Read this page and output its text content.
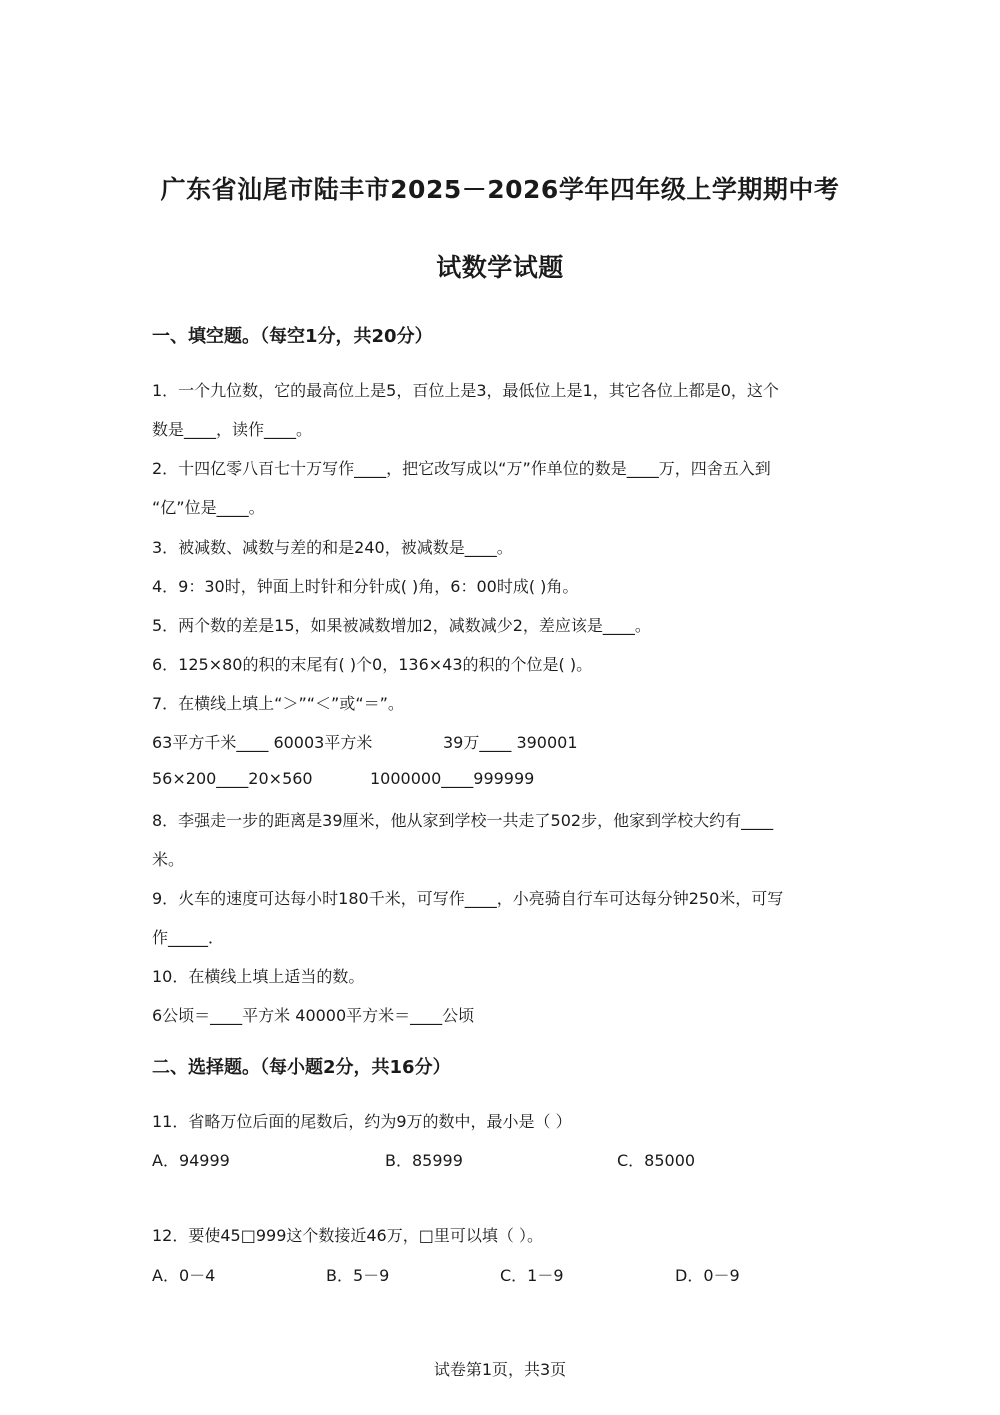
广东省汕尾市陆丰市2025－2026学年四年级上学期期中考
试数学试题
一、填空题。（每空1分，共20分）
1．一个九位数，它的最高位上是5，百位上是3，最低位上是1，其它各位上都是0，这个
数是____，读作____。
2．十四亿零八百七十万写作____，把它改写成以“万”作单位的数是____万，四舍五入到
“亿”位是____。
3．被减数、减数与差的和是240，被减数是____。
4．9：30时，钟面上时针和分针成( )角，6：00时成( )角。
5．两个数的差是15，如果被减数增加2，减数减少2，差应该是____。
6．125×80的积的末尾有( )个0，136×43的积的个位是( )。
7．在横线上填上“＞”“＜”或“＝”。
63平方千米____ 60003平方米	39万____ 390001
56×200____20×560	1000000____999999
8．李强走一步的距离是39厘米，他从家到学校一共走了502步，他家到学校大约有____
米。
9．火车的速度可达每小时180千米，可写作____，小亮骑自行车可达每分钟250米，可写
作_____．
10．在横线上填上适当的数。
6公顷＝____平方米 40000平方米＝____公顷
二、选择题。（每小题2分，共16分）
11．省略万位后面的尾数后，约为9万的数中，最小是（ ）
A．94999	B．85999	C．85000
12．要使45□999这个数接近46万，□里可以填（ ）。
A．0－4	B．5－9	C．1－9	D．0－9
试卷第1页，共3页
